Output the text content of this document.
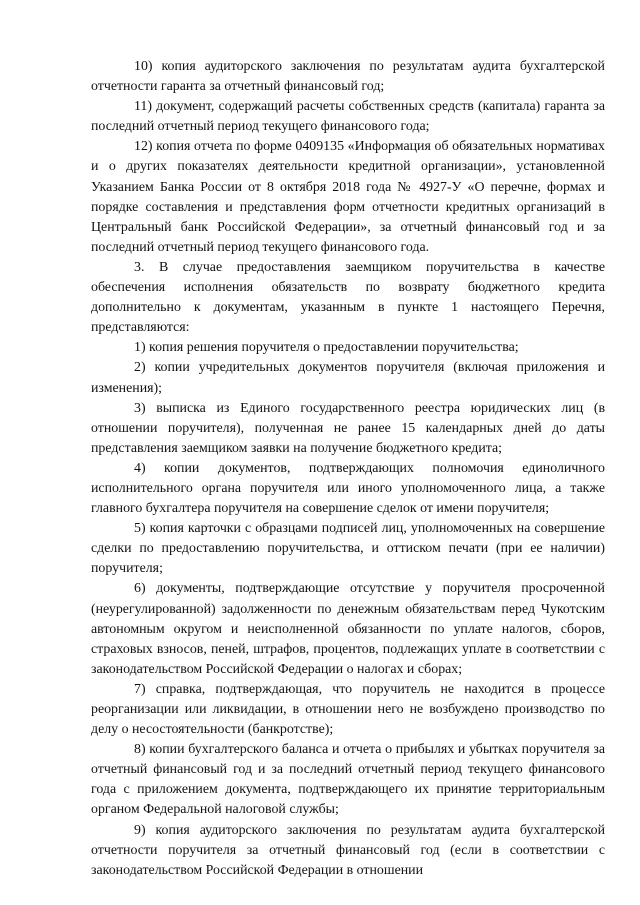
10) копия аудиторского заключения по результатам аудита бухгалтерской отчетности гаранта за отчетный финансовый год;

11) документ, содержащий расчеты собственных средств (капитала) гаранта за последний отчетный период текущего финансового года;

12) копия отчета по форме 0409135 «Информация об обязательных нормативах и о других показателях деятельности кредитной организации», установленной Указанием Банка России от 8 октября 2018 года № 4927-У «О перечне, формах и порядке составления и представления форм отчетности кредитных организаций в Центральный банк Российской Федерации», за отчетный финансовый год и за последний отчетный период текущего финансового года.

3. В случае предоставления заемщиком поручительства в качестве обеспечения исполнения обязательств по возврату бюджетного кредита дополнительно к документам, указанным в пункте 1 настоящего Перечня, представляются:

1) копия решения поручителя о предоставлении поручительства;

2) копии учредительных документов поручителя (включая приложения и изменения);

3) выписка из Единого государственного реестра юридических лиц (в отношении поручителя), полученная не ранее 15 календарных дней до даты представления заемщиком заявки на получение бюджетного кредита;

4) копии документов, подтверждающих полномочия единоличного исполнительного органа поручителя или иного уполномоченного лица, а также главного бухгалтера поручителя на совершение сделок от имени поручителя;

5) копия карточки с образцами подписей лиц, уполномоченных на совершение сделки по предоставлению поручительства, и оттиском печати (при ее наличии) поручителя;

6) документы, подтверждающие отсутствие у поручителя просроченной (неурегулированной) задолженности по денежным обязательствам перед Чукотским автономным округом и неисполненной обязанности по уплате налогов, сборов, страховых взносов, пеней, штрафов, процентов, подлежащих уплате в соответствии с законодательством Российской Федерации о налогах и сборах;

7) справка, подтверждающая, что поручитель не находится в процессе реорганизации или ликвидации, в отношении него не возбуждено производство по делу о несостоятельности (банкротстве);

8) копии бухгалтерского баланса и отчета о прибылях и убытках поручителя за отчетный финансовый год и за последний отчетный период текущего финансового года с приложением документа, подтверждающего их принятие территориальным органом Федеральной налоговой службы;

9) копия аудиторского заключения по результатам аудита бухгалтерской отчетности поручителя за отчетный финансовый год (если в соответствии с законодательством Российской Федерации в отношении
